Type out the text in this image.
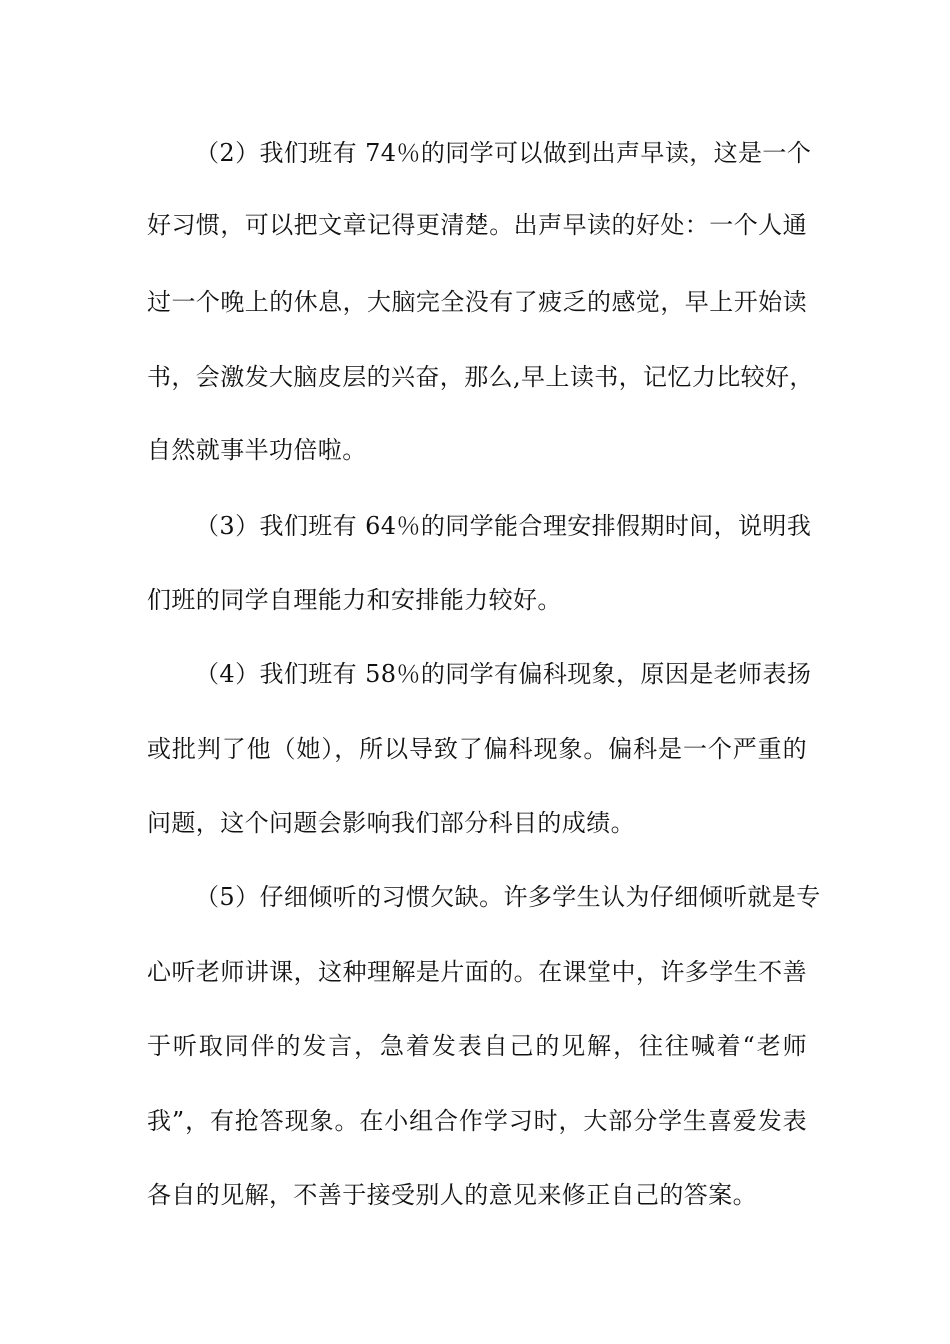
（2）我们班有 74％的同学可以做到出声早读，这是一个
好习惯，可以把文章记得更清楚。出声早读的好处：一个人通
过一个晚上的休息，大脑完全没有了疲乏的感觉，早上开始读
书，会激发大脑皮层的兴奋，那么,早上读书，记忆力比较好，
自然就事半功倍啦。
（3）我们班有 64％的同学能合理安排假期时间，说明我
们班的同学自理能力和安排能力较好。
（4）我们班有 58％的同学有偏科现象，原因是老师表扬
或批判了他（她），所以导致了偏科现象。偏科是一个严重的
问题，这个问题会影响我们部分科目的成绩。
（5）仔细倾听的习惯欠缺。许多学生认为仔细倾听就是专
心听老师讲课，这种理解是片面的。在课堂中，许多学生不善
于听取同伴的发言，急着发表自己的见解，往往喊着“老师
我”，有抢答现象。在小组合作学习时，大部分学生喜爱发表
各自的见解，不善于接受别人的意见来修正自己的答案。
